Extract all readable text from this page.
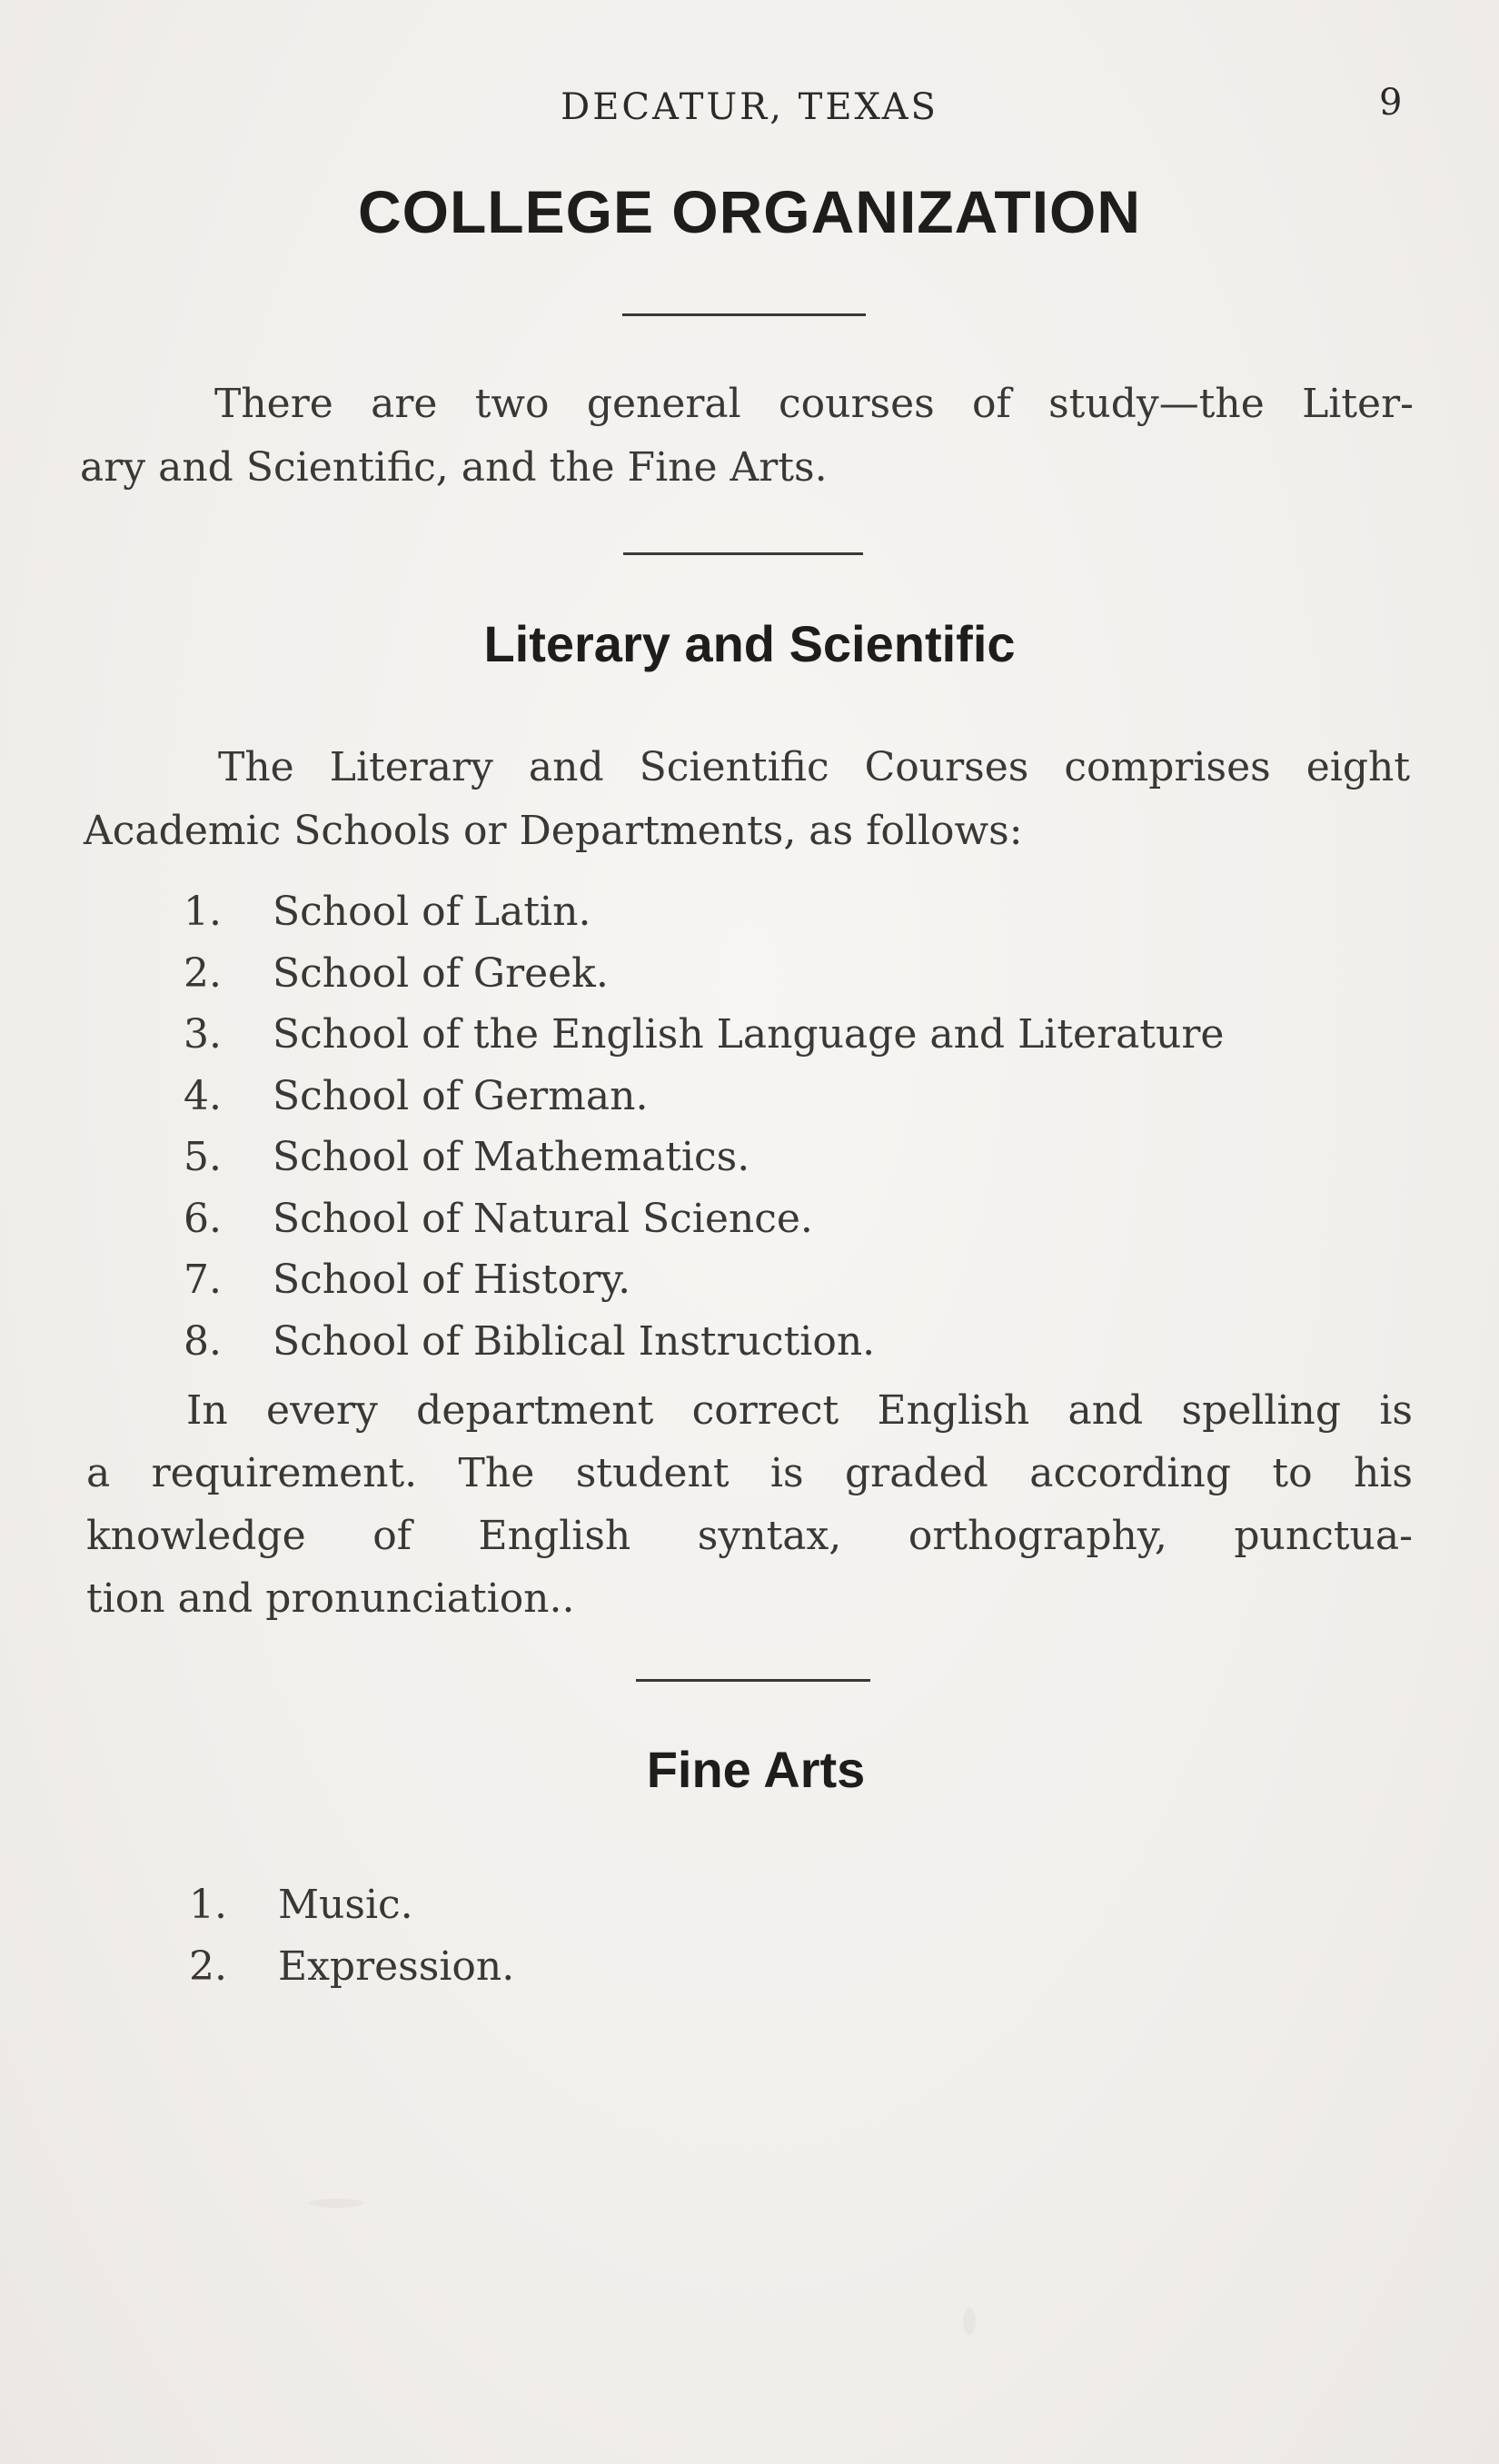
DECATUR, TEXAS	9
COLLEGE ORGANIZATION
There are two general courses of study—the Liter-
ary and Scientific, and the Fine Arts.
Literary and Scientific
The Literary and Scientific Courses comprises eight
Academic Schools or Departments, as follows:
1. School of Latin.
2. School of Greek.
3. School of the English Language and Literature
4. School of German.
5. School of Mathematics.
6. School of Natural Science.
7. School of History.
8. School of Biblical Instruction.
In every department correct English and spelling is
a requirement. The student is graded according to his
knowledge of English syntax, orthography, punctua-
tion and pronunciation..
Fine Arts
1. Music.
2. Expression.
